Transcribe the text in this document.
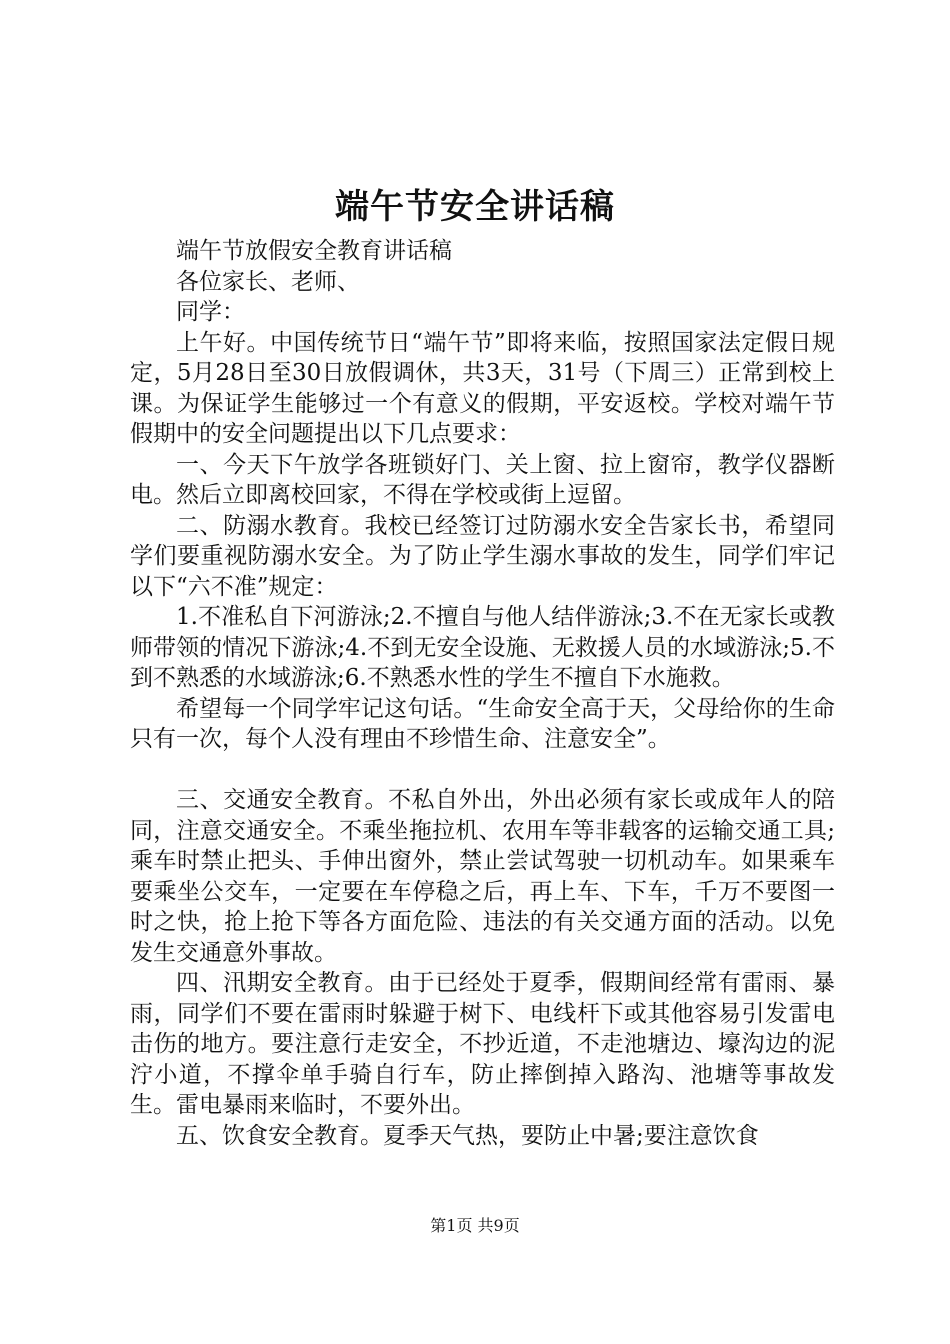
端午节安全讲话稿

端午节放假安全教育讲话稿

各位家长、老师、

同学：

上午好。中国传统节日“端午节”即将来临，按照国家法定假日规定，5月28日至30日放假调休，共3天，31号（下周三）正常到校上课。为保证学生能够过一个有意义的假期，平安返校。学校对端午节假期中的安全问题提出以下几点要求：

一、今天下午放学各班锁好门、关上窗、拉上窗帘，教学仪器断电。然后立即离校回家，不得在学校或街上逗留。

二、防溺水教育。我校已经签订过防溺水安全告家长书，希望同学们要重视防溺水安全。为了防止学生溺水事故的发生，同学们牢记以下“六不准”规定：

1.不准私自下河游泳;2.不擅自与他人结伴游泳;3.不在无家长或教师带领的情况下游泳;4.不到无安全设施、无救援人员的水域游泳;5.不到不熟悉的水域游泳;6.不熟悉水性的学生不擅自下水施救。

希望每一个同学牢记这句话。“生命安全高于天，父母给你的生命只有一次，每个人没有理由不珍惜生命、注意安全”。

三、交通安全教育。不私自外出，外出必须有家长或成年人的陪同，注意交通安全。不乘坐拖拉机、农用车等非载客的运输交通工具;乘车时禁止把头、手伸出窗外，禁止尝试驾驶一切机动车。如果乘车要乘坐公交车，一定要在车停稳之后，再上车、下车，千万不要图一时之快，抢上抢下等各方面危险、违法的有关交通方面的活动。以免发生交通意外事故。

四、汛期安全教育。由于已经处于夏季，假期间经常有雷雨、暴雨，同学们不要在雷雨时躲避于树下、电线杆下或其他容易引发雷电击伤的地方。要注意行走安全，不抄近道，不走池塘边、壕沟边的泥泞小道，不撑伞单手骑自行车，防止摔倒掉入路沟、池塘等事故发生。雷电暴雨来临时，不要外出。

五、饮食安全教育。夏季天气热，要防止中暑;要注意饮食

第1页 共9页
